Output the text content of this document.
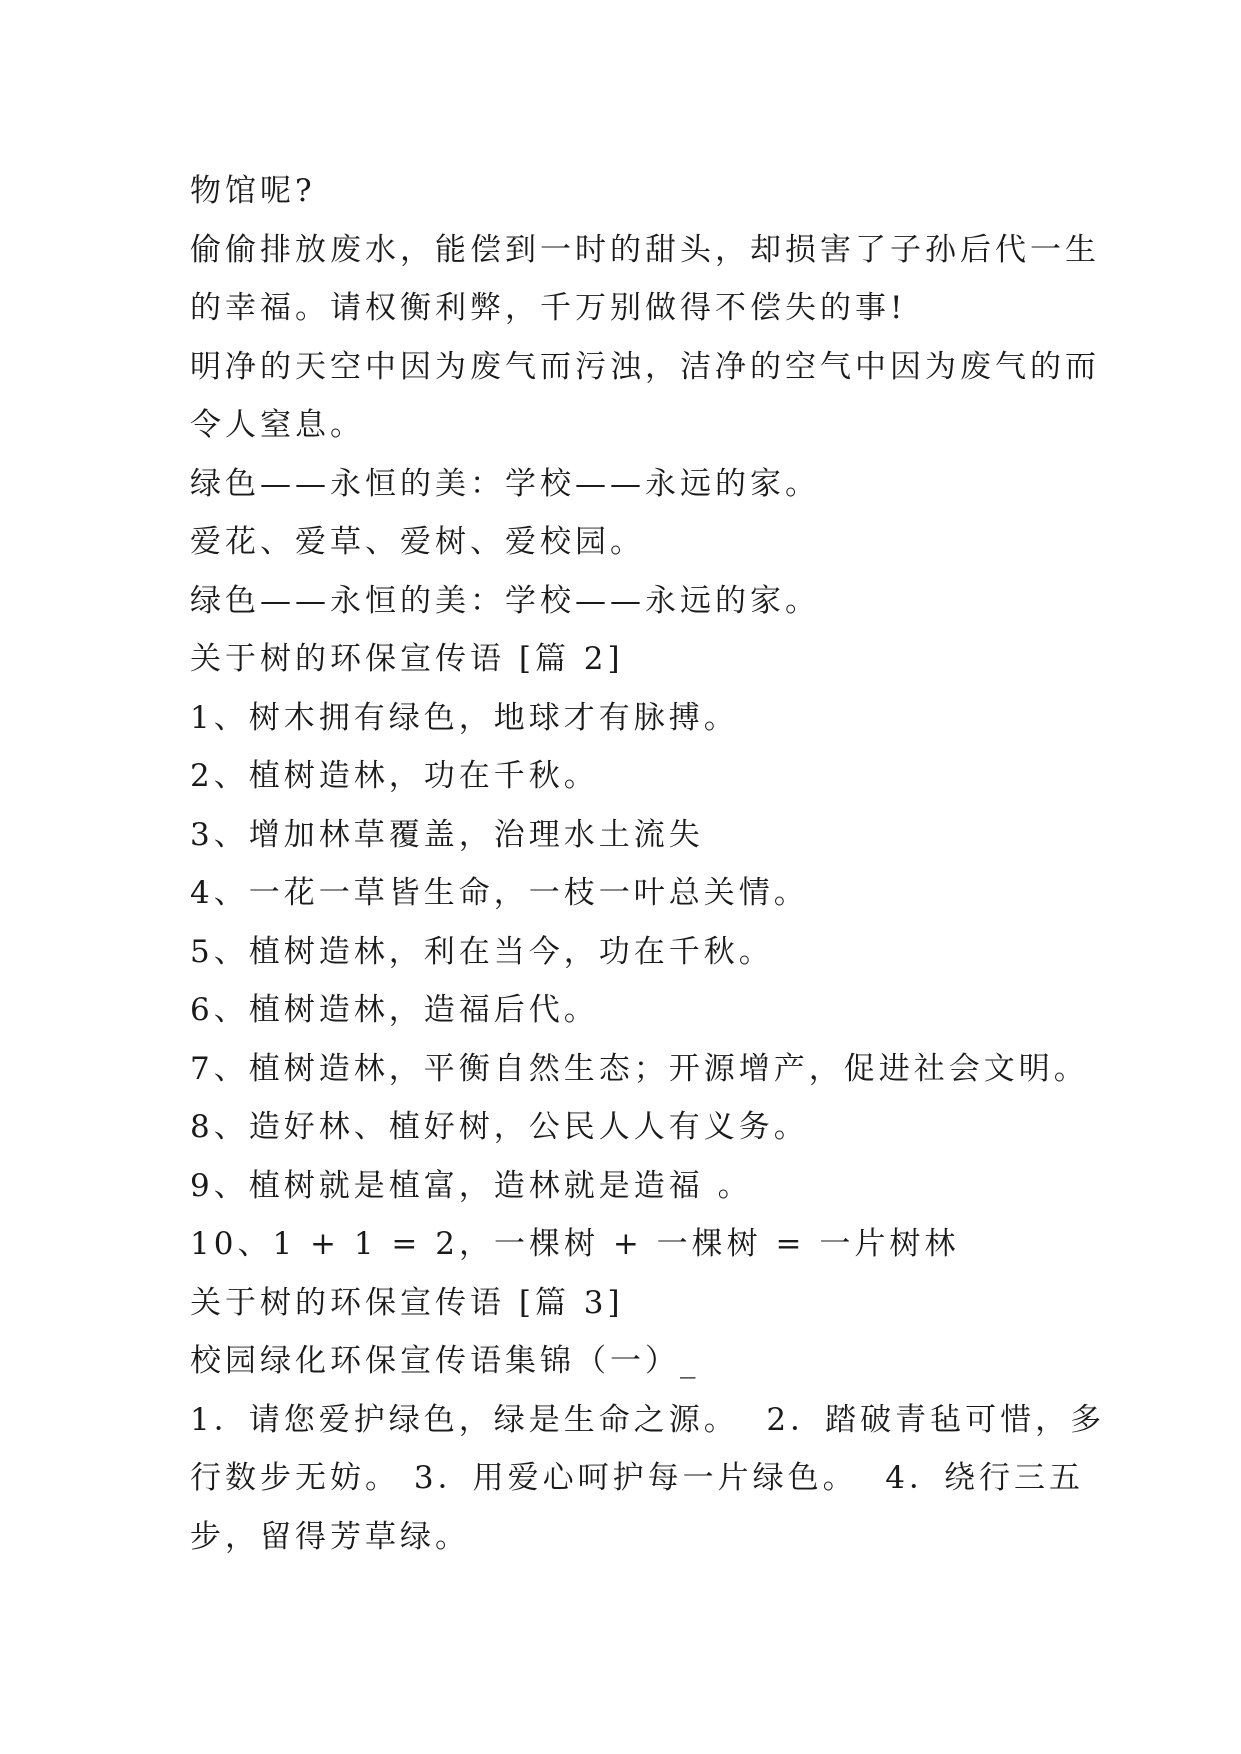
物馆呢?
偷偷排放废水，能偿到一时的甜头，却损害了子孙后代一生
的幸福。请权衡利弊，千万别做得不偿失的事!
明净的天空中因为废气而污浊，洁净的空气中因为废气的而
令人窒息。
绿色——永恒的美：学校——永远的家。
爱花、爱草、爱树、爱校园。
绿色——永恒的美：学校——永远的家。
关于树的环保宣传语 [篇 2]
1、树木拥有绿色，地球才有脉搏。
2、植树造林，功在千秋。
3、增加林草覆盖，治理水土流失
4、一花一草皆生命，一枝一叶总关情。
5、植树造林，利在当今，功在千秋。
6、植树造林，造福后代。
7、植树造林，平衡自然生态；开源增产，促进社会文明。
8、造好林、植好树，公民人人有义务。
9、植树就是植富，造林就是造福 。
10、1 + 1 = 2，一棵树 + 一棵树 = 一片树林
关于树的环保宣传语 [篇 3]
校园绿化环保宣传语集锦（一）_
1．请您爱护绿色，绿是生命之源。  2．踏破青毡可惜，多
行数步无妨。 3．用爱心呵护每一片绿色。  4．绕行三五
步，留得芳草绿。
